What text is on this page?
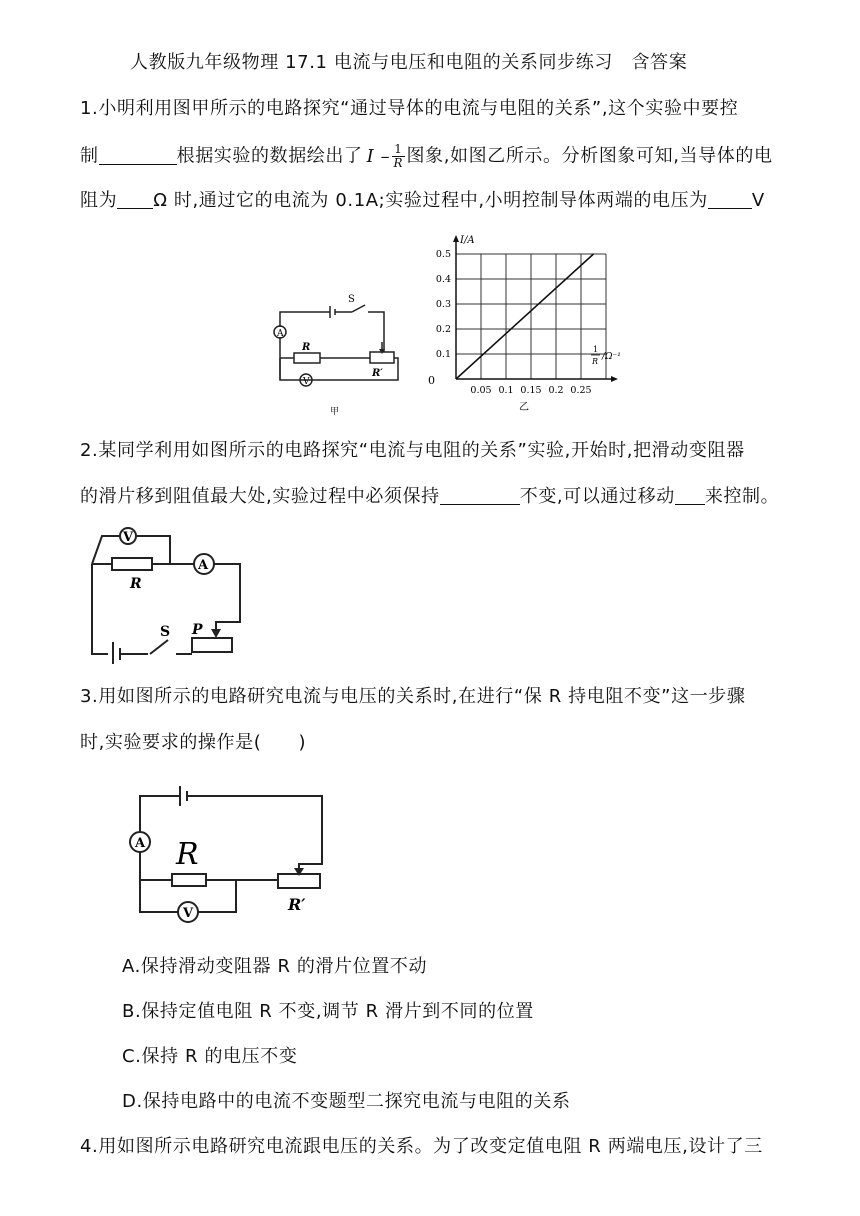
人教版九年级物理 17.1 电流与电压和电阻的关系同步练习　含答案
1.小明利用图甲所示的电路探究“通过导体的电流与电阻的关系”,这个实验中要控
制	根据实验的数据绘出了 I – $\frac{1}{R}$ 图象,如图乙所示。分析图象可知,当导体的电
阻为 Ω 时,通过它的电流为 0.1A;实验过程中,小明控制导体两端的电压为 V
A
V
S
R
R′
甲
0.05 0.1 0.15 0.2 0.25
0.1
0.2
0.3
0.4
0.5
I/A
0
1
R /Ω⁻¹
乙
2.某同学利用如图所示的电路探究“电流与电阻的关系”实验,开始时,把滑动变阻器
的滑片移到阻值最大处,实验过程中必须保持	不变,可以通过移动 来控制。
V
A
R
S P
3.用如图所示的电路研究电流与电压的关系时,在进行“保 R 持电阻不变”这一步骤
时,实验要求的操作是(　　)
A R
V	R′
A.保持滑动变阻器 R 的滑片位置不动
B.保持定值电阻 R 不变,调节 R 滑片到不同的位置
C.保持 R 的电压不变
D.保持电路中的电流不变题型二探究电流与电阻的关系
4.用如图所示电路研究电流跟电压的关系。为了改变定值电阻 R 两端电压,设计了三
